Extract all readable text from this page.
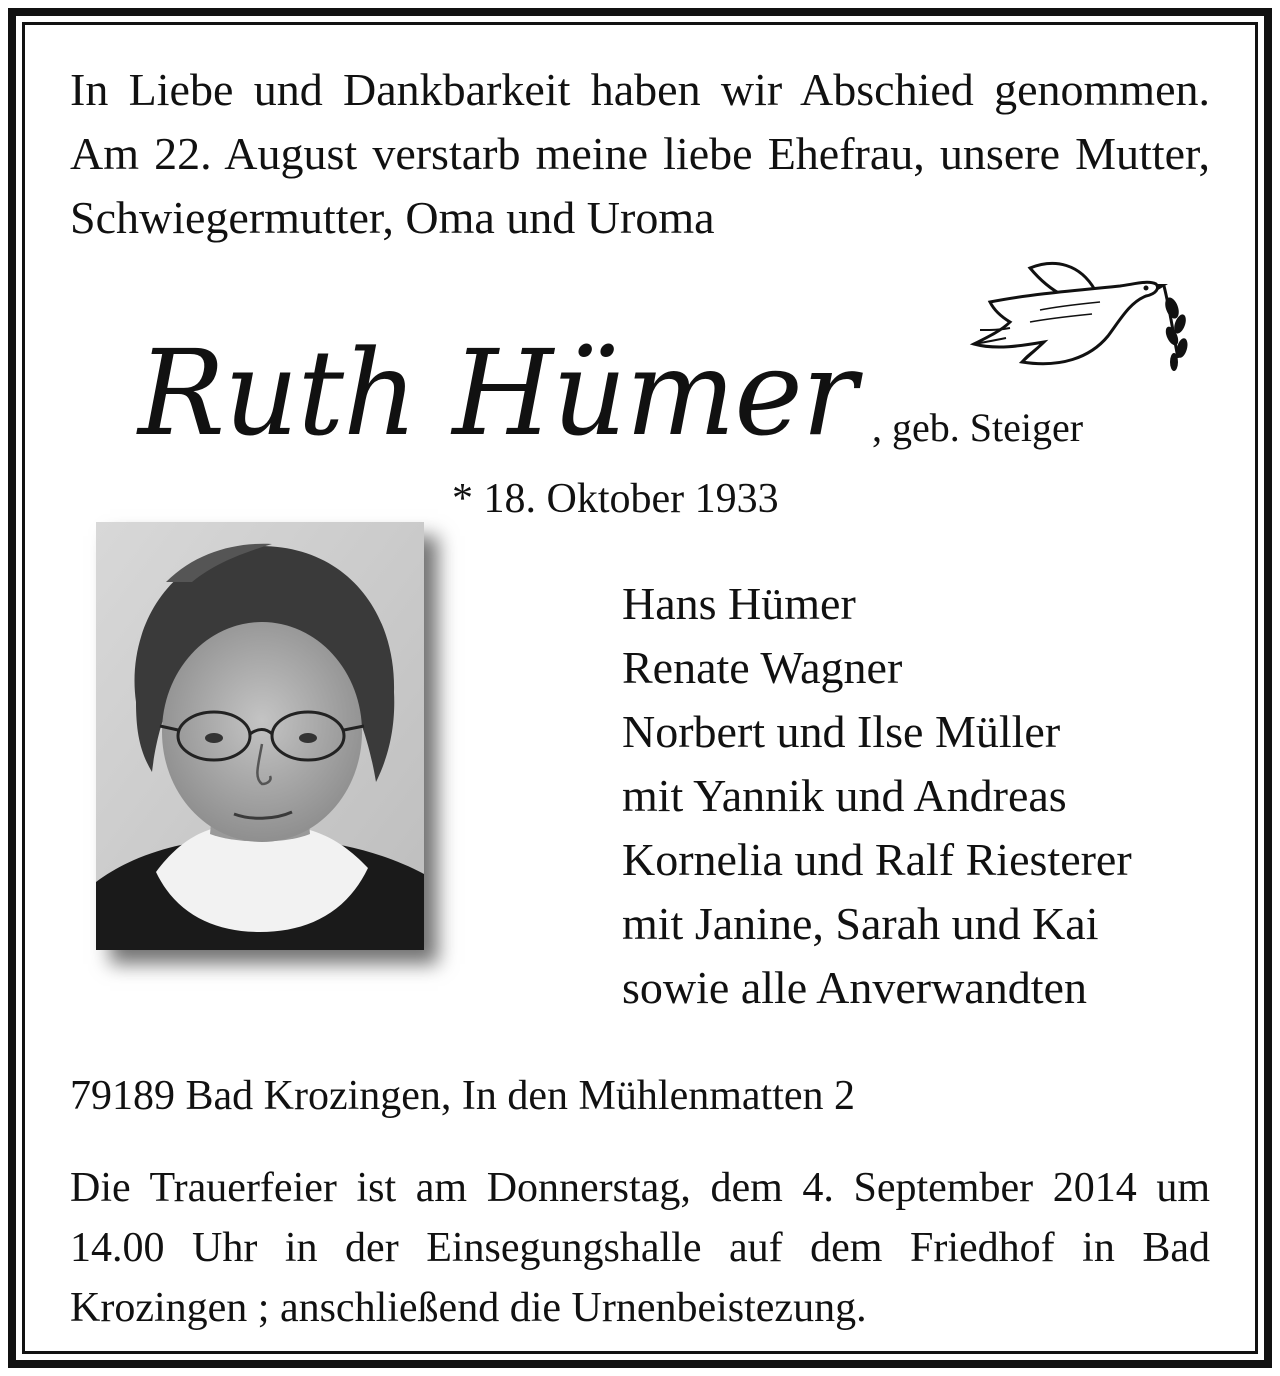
In Liebe und Dankbarkeit haben wir Abschied genommen. Am 22. August verstarb meine liebe Ehefrau, unsere Mutter, Schwiegermutter, Oma und Uroma

Ruth Hümer , geb. Steiger
* 18. Oktober 1933
Hans Hümer
Renate Wagner
Norbert und Ilse Müller
mit Yannik und Andreas
Kornelia und Ralf Riesterer
mit Janine, Sarah und Kai
sowie alle Anverwandten
79189 Bad Krozingen, In den Mühlenmatten 2

Die Trauerfeier ist am Donnerstag, dem 4. September 2014 um 14.00 Uhr in der Einsegungshalle auf dem Friedhof in Bad Krozingen ; anschließend die Urnenbeistezung.
